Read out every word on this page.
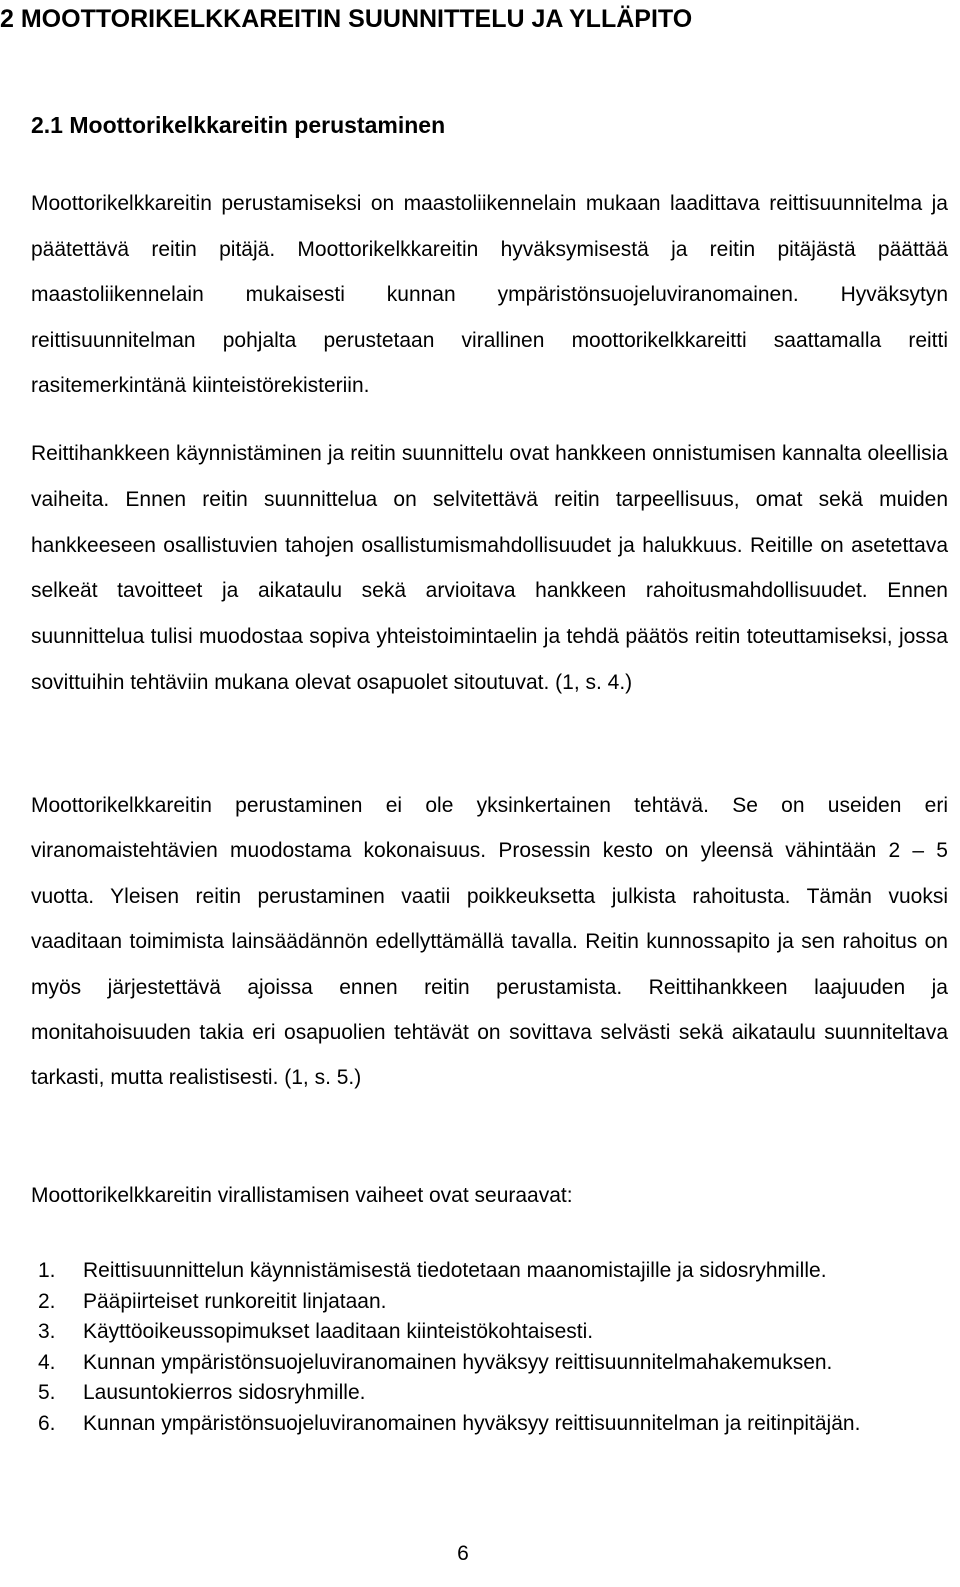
2 MOOTTORIKELKKAREITIN SUUNNITTELU JA YLLÄPITO
2.1 Moottorikelkkareitin perustaminen

Moottorikelkkareitin perustamiseksi on maastoliikennelain mukaan laadittava reittisuunnitelma ja päätettävä reitin pitäjä. Moottorikelkkareitin hyväksymisestä ja reitin pitäjästä päättää maastoliikennelain mukaisesti kunnan ympäristönsuojeluviranomainen. Hyväksytyn reittisuunnitelman pohjalta perustetaan virallinen moottorikelkkareitti saattamalla reitti rasitemerkintänä kiinteistörekisteriin.

Reittihankkeen käynnistäminen ja reitin suunnittelu ovat hankkeen onnistumisen kannalta oleellisia vaiheita. Ennen reitin suunnittelua on selvitettävä reitin tarpeellisuus, omat sekä muiden hankkeeseen osallistuvien tahojen osallistumismahdollisuudet ja halukkuus. Reitille on asetettava selkeät tavoitteet ja aikataulu sekä arvioitava hankkeen rahoitusmahdollisuudet. Ennen suunnittelua tulisi muodostaa sopiva yhteistoimintaelin ja tehdä päätös reitin toteuttamiseksi, jossa sovittuihin tehtäviin mukana olevat osapuolet sitoutuvat. (1, s. 4.)

Moottorikelkkareitin perustaminen ei ole yksinkertainen tehtävä. Se on useiden eri viranomaistehtävien muodostama kokonaisuus. Prosessin kesto on yleensä vähintään 2 – 5 vuotta. Yleisen reitin perustaminen vaatii poikkeuksetta julkista rahoitusta. Tämän vuoksi vaaditaan toimimista lainsäädännön edellyttämällä tavalla. Reitin kunnossapito ja sen rahoitus on myös järjestettävä ajoissa ennen reitin perustamista. Reittihankkeen laajuuden ja monitahoisuuden takia eri osapuolien tehtävät on sovittava selvästi sekä aikataulu suunniteltava tarkasti, mutta realistisesti. (1, s. 5.)

Moottorikelkkareitin virallistamisen vaiheet ovat seuraavat:

1. Reittisuunnittelun käynnistämisestä tiedotetaan maanomistajille ja sidosryhmille.
2. Pääpiirteiset runkoreitit linjataan.
3. Käyttöoikeussopimukset laaditaan kiinteistökohtaisesti.
4. Kunnan ympäristönsuojeluviranomainen hyväksyy reittisuunnitelmahakemuksen.
5. Lausuntokierros sidosryhmille.
6. Kunnan ympäristönsuojeluviranomainen hyväksyy reittisuunnitelman ja reitinpitäjän.
6
